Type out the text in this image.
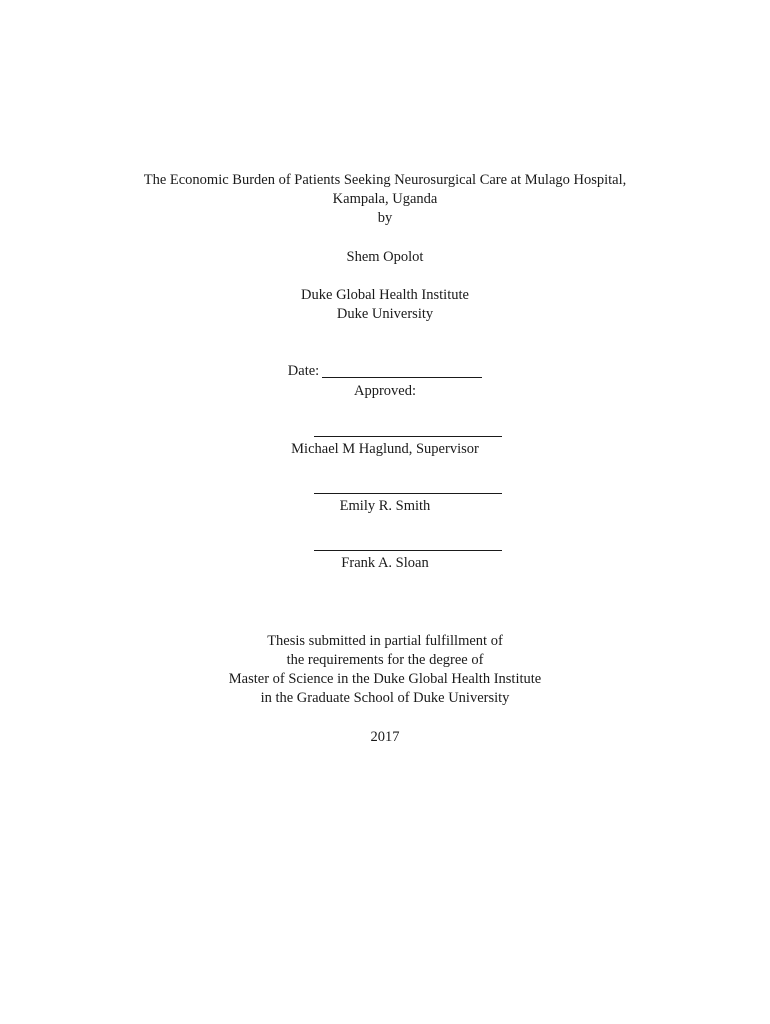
The Economic Burden of Patients Seeking Neurosurgical Care at Mulago Hospital,
Kampala, Uganda
by
Shem Opolot
Duke Global Health Institute
Duke University
Date:
Approved:
Michael M Haglund, Supervisor
Emily R. Smith
Frank A. Sloan
Thesis submitted in partial fulfillment of
the requirements for the degree of
Master of Science in the Duke Global Health Institute
in the Graduate School of Duke University
2017
